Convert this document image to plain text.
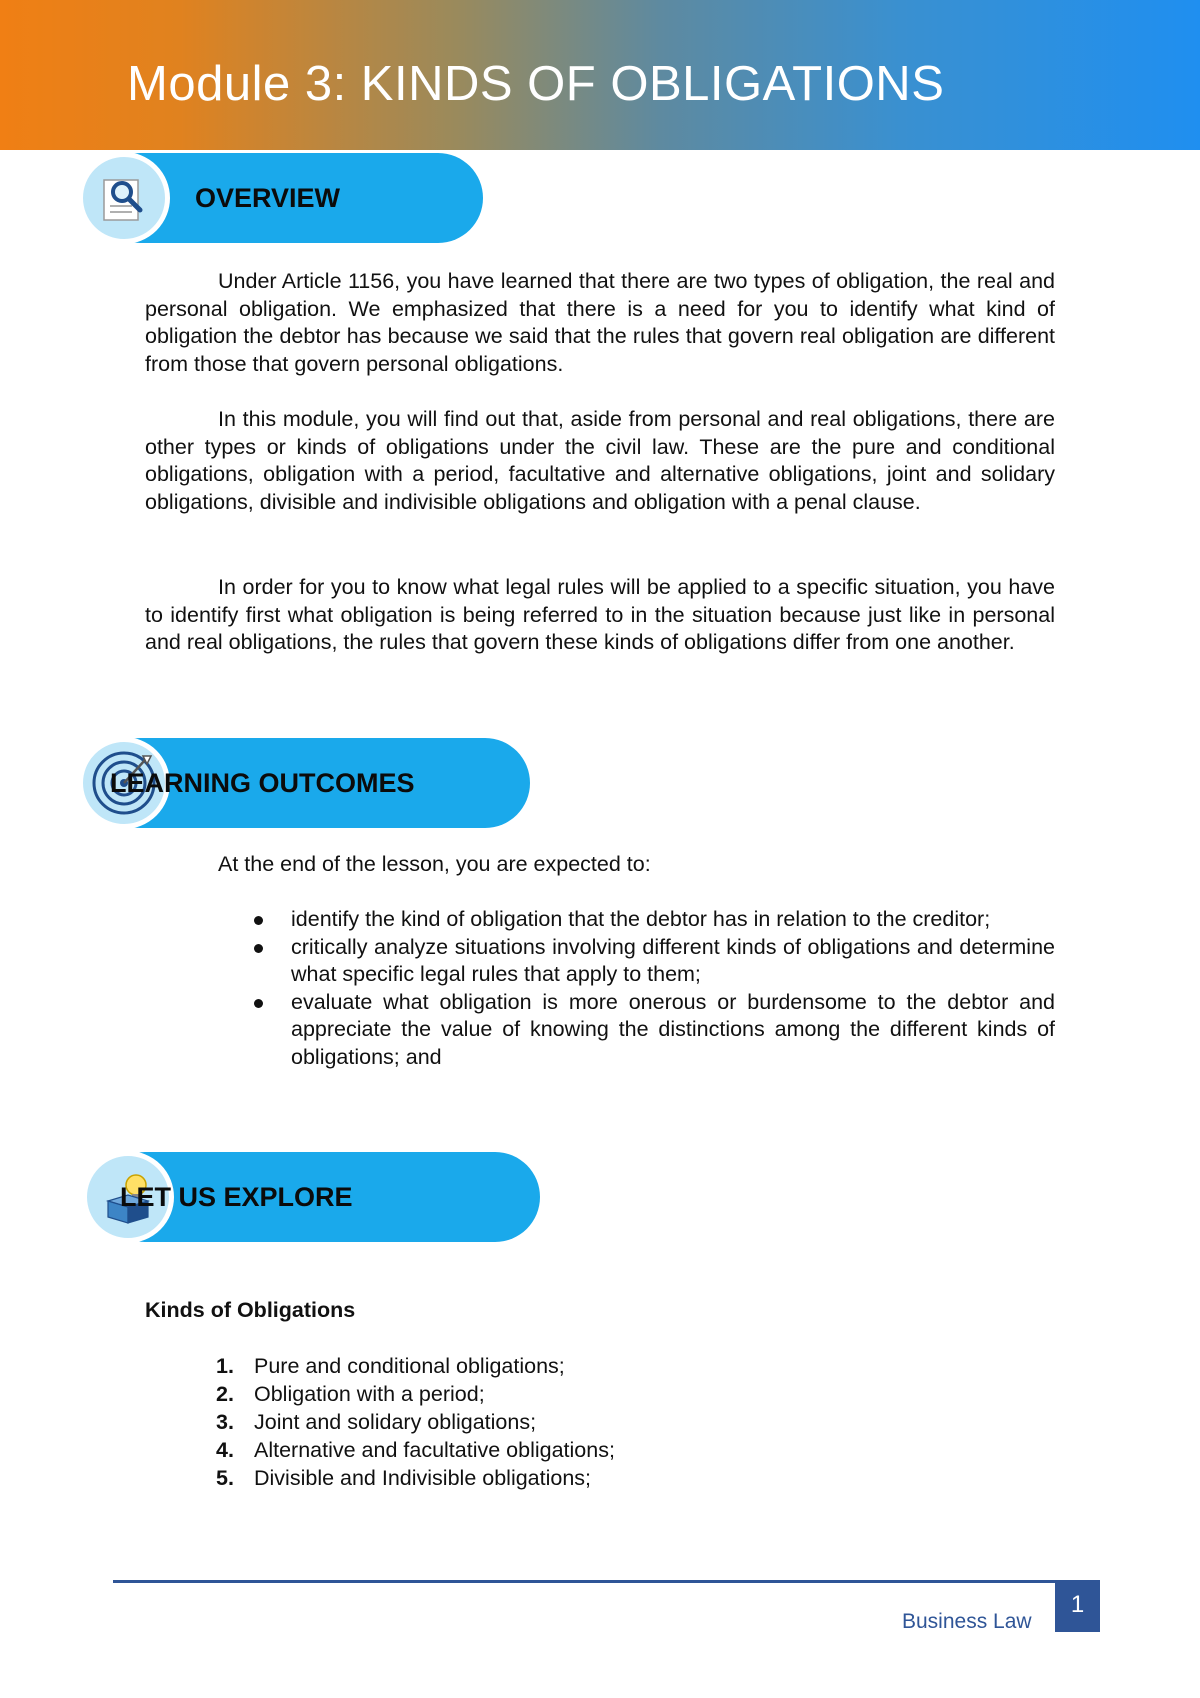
Module 3: KINDS OF OBLIGATIONS
OVERVIEW

Under Article 1156, you have learned that there are two types of obligation, the real and personal obligation. We emphasized that there is a need for you to identify what kind of obligation the debtor has because we said that the rules that govern real obligation are different from those that govern personal obligations.

In this module, you will find out that, aside from personal and real obligations, there are other types or kinds of obligations under the civil law. These are the pure and conditional obligations, obligation with a period, facultative and alternative obligations, joint and solidary obligations, divisible and indivisible obligations and obligation with a penal clause.

In order for you to know what legal rules will be applied to a specific situation, you have to identify first what obligation is being referred to in the situation because just like in personal and real obligations, the rules that govern these kinds of obligations differ from one another.

LEARNING OUTCOMES

At the end of the lesson, you are expected to:

identify the kind of obligation that the debtor has in relation to the creditor;
critically analyze situations involving different kinds of obligations and determine what specific legal rules that apply to them;
evaluate what obligation is more onerous or burdensome to the debtor and appreciate the value of knowing the distinctions among the different kinds of obligations; and
LET US EXPLORE

Kinds of Obligations

1. Pure and conditional obligations;
2. Obligation with a period;
3. Joint and solidary obligations;
4. Alternative and facultative obligations;
5. Divisible and Indivisible obligations;
Business Law
1
